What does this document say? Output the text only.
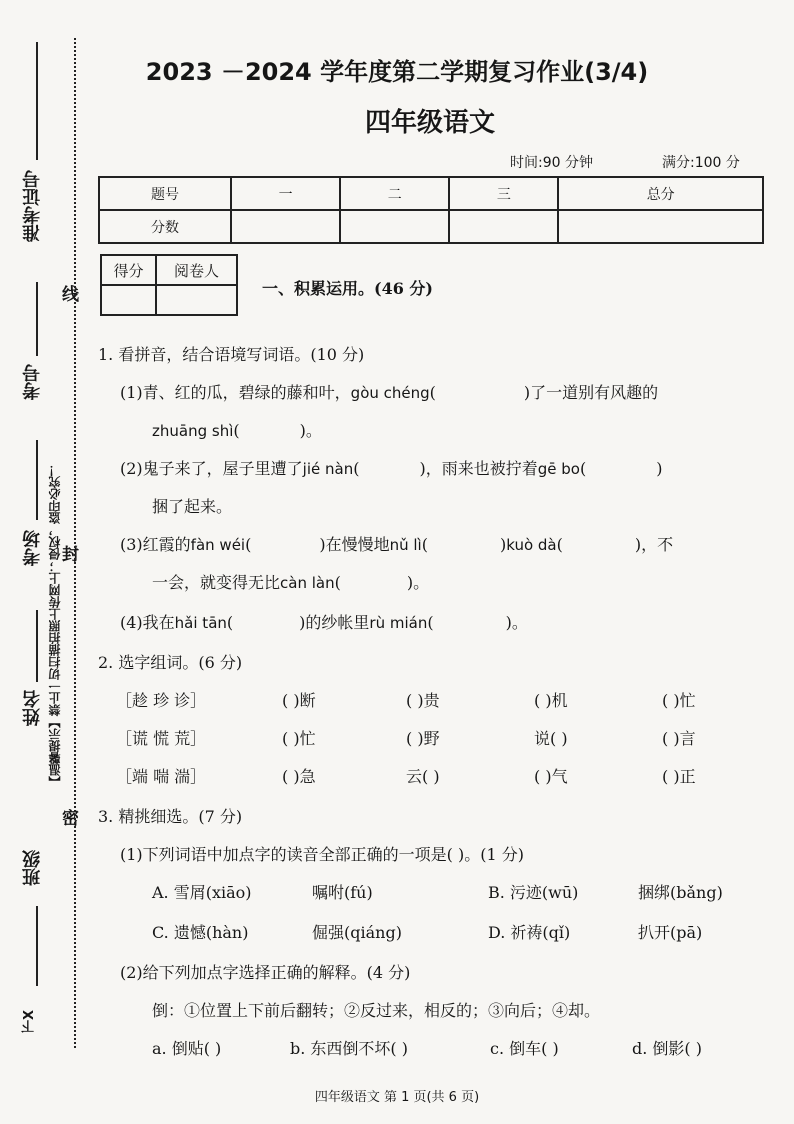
准考证号
考号
考场
姓名
班级
下X
【温馨提示】禁止一切扫描拍照上传网上；侵权，盗印必究！
线
封
密
2023 －2024 学年度第二学期复习作业(3/4)
四年级语文
时间:90 分钟	满分:100 分
题号	一	二	三	总分
分数				
得分	阅卷人

一、积累运用。(46 分)
1. 看拼音，结合语境写词语。(10 分)
(1)青、红的瓜，碧绿的藤和叶，gòu chéng(	)了一道别有风趣的
zhuāng shì(	)。
(2)鬼子来了，屋子里遭了jié nàn(	)，雨来也被拧着gē bo(	)
捆了起来。
(3)红霞的fàn wéi(	)在慢慢地nǔ lì(	)kuò dà(	)，不
一会，就变得无比càn làn(	)。
(4)我在hǎi tān(	)的纱帐里rù mián(	)。
2. 选字组词。(6 分)
［趁 珍 诊］	( )断	( )贵	( )机	( )忙
［谎 慌 荒］	( )忙	( )野	说( )	( )言
［端 喘 湍］	( )急	云( )	( )气	( )正
3. 精挑细选。(7 分)
(1)下列词语中加点字的读音全部正确的一项是( )。(1 分)
A. 雪屑(xiāo)	嘱咐(fú)	B. 污迹(wū)	捆绑(bǎng)
C. 遗憾(hàn)	倔强(qiáng)	D. 祈祷(qǐ)	扒开(pā)
(2)给下列加点字选择正确的解释。(4 分)
倒：①位置上下前后翻转；②反过来，相反的；③向后；④却。
a. 倒贴( )	b. 东西倒不坏( )	c. 倒车( )	d. 倒影( )
四年级语文 第 1 页(共 6 页)
